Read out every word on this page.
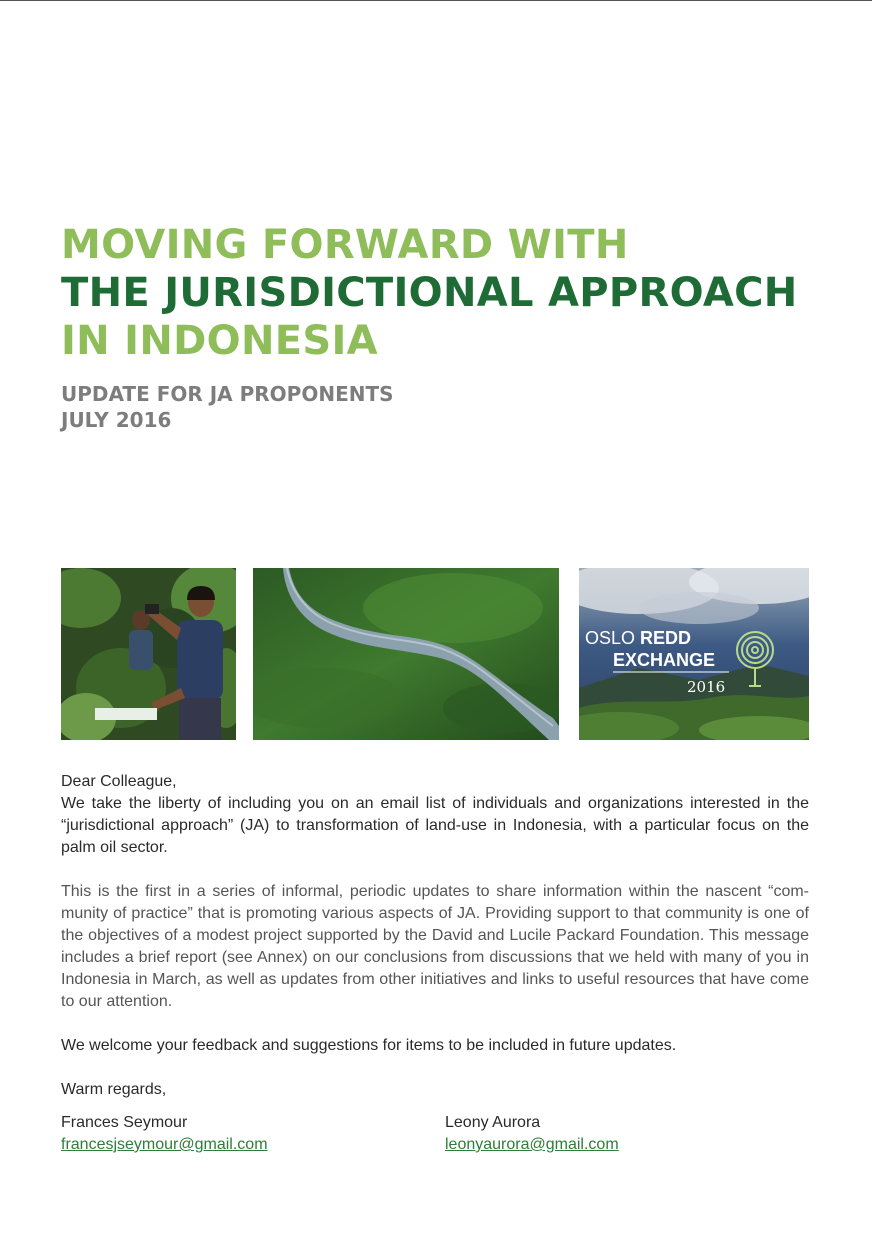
MOVING FORWARD WITH
THE JURISDICTIONAL APPROACH
IN INDONESIA
UPDATE FOR JA PROPONENTS
JULY 2016
OSLO REDD
EXCHANGE
2016

Dear Colleague,

We take the liberty of including you on an email list of individuals and organizations interested in the “jurisdictional approach” (JA) to transformation of land-use in Indonesia, with a particular focus on the palm oil sector.

This is the first in a series of informal, periodic updates to share information within the nascent “com-munity of practice” that is promoting various aspects of JA. Providing support to that community is one of the objectives of a modest project supported by the David and Lucile Packard Foundation. This message includes a brief report (see Annex) on our conclusions from discussions that we held with many of you in Indonesia in March, as well as updates from other initiatives and links to useful resources that have come to our attention.

We welcome your feedback and suggestions for items to be included in future updates.

Warm regards,

Frances Seymour
francesjseymour@gmail.com
Leony Aurora
leonyaurora@gmail.com
